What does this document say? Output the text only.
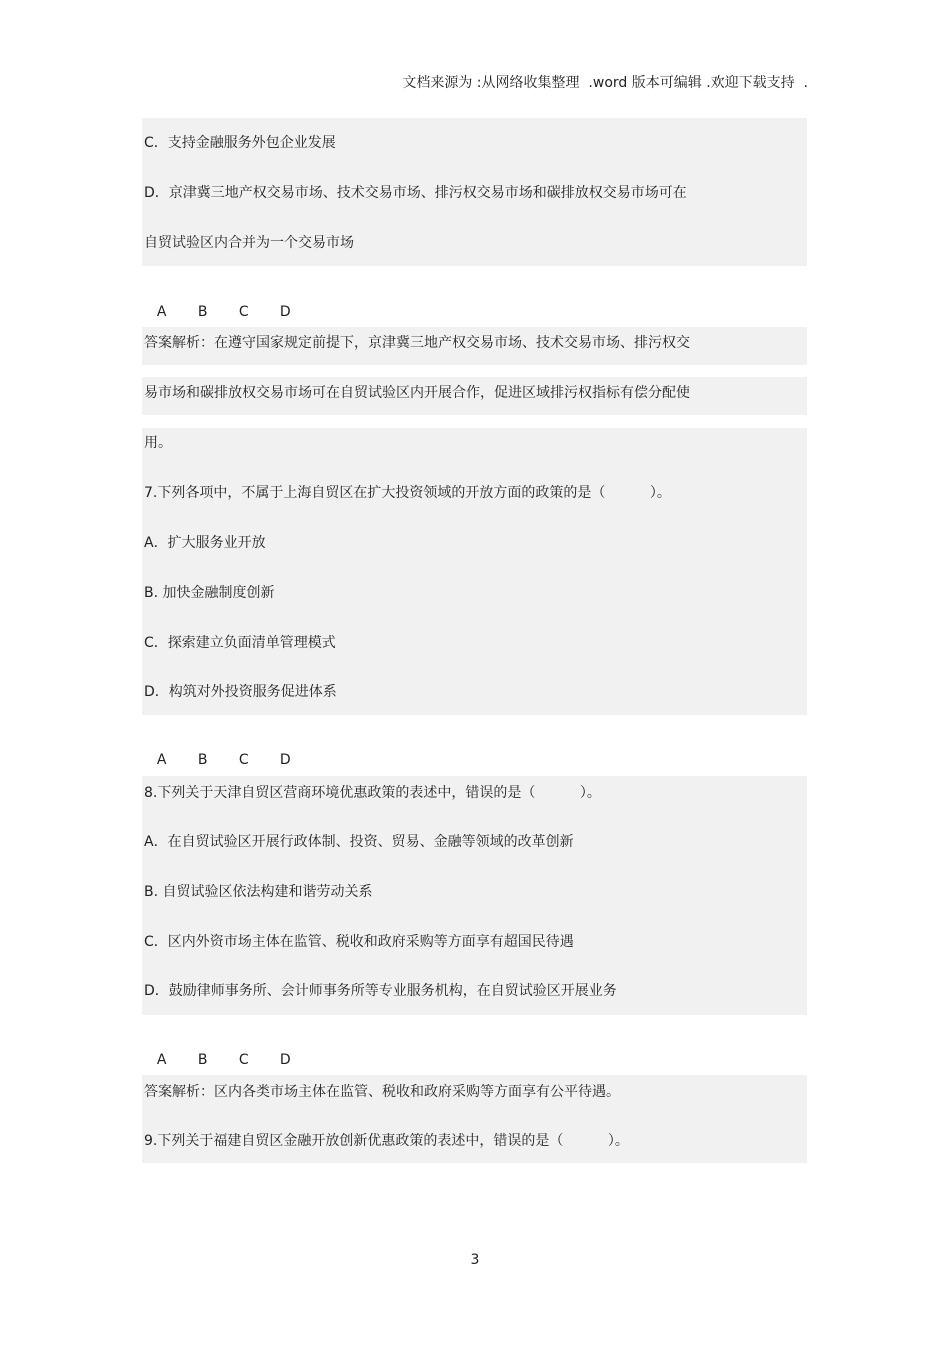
文档来源为 :从网络收集整理  .word 版本可编辑 .欢迎下载支持  .
C．支持金融服务外包企业发展
D．京津冀三地产权交易市场、技术交易市场、排污权交易市场和碳排放权交易市场可在
自贸试验区内合并为一个交易市场

A B C D

答案解析：在遵守国家规定前提下，京津冀三地产权交易市场、技术交易市场、排污权交
易市场和碳排放权交易市场可在自贸试验区内开展合作，促进区域排污权指标有偿分配使
用。
7.下列各项中，不属于上海自贸区在扩大投资领域的开放方面的政策的是（          ）。
A．扩大服务业开放
B. 加快金融制度创新
C．探索建立负面清单管理模式
D．构筑对外投资服务促进体系

A B C D

8.下列关于天津自贸区营商环境优惠政策的表述中，错误的是（          ）。
A．在自贸试验区开展行政体制、投资、贸易、金融等领域的改革创新
B. 自贸试验区依法构建和谐劳动关系
C．区内外资市场主体在监管、税收和政府采购等方面享有超国民待遇
D．鼓励律师事务所、会计师事务所等专业服务机构，在自贸试验区开展业务

A B C D

答案解析：区内各类市场主体在监管、税收和政府采购等方面享有公平待遇。
9.下列关于福建自贸区金融开放创新优惠政策的表述中，错误的是（          ）。
3
